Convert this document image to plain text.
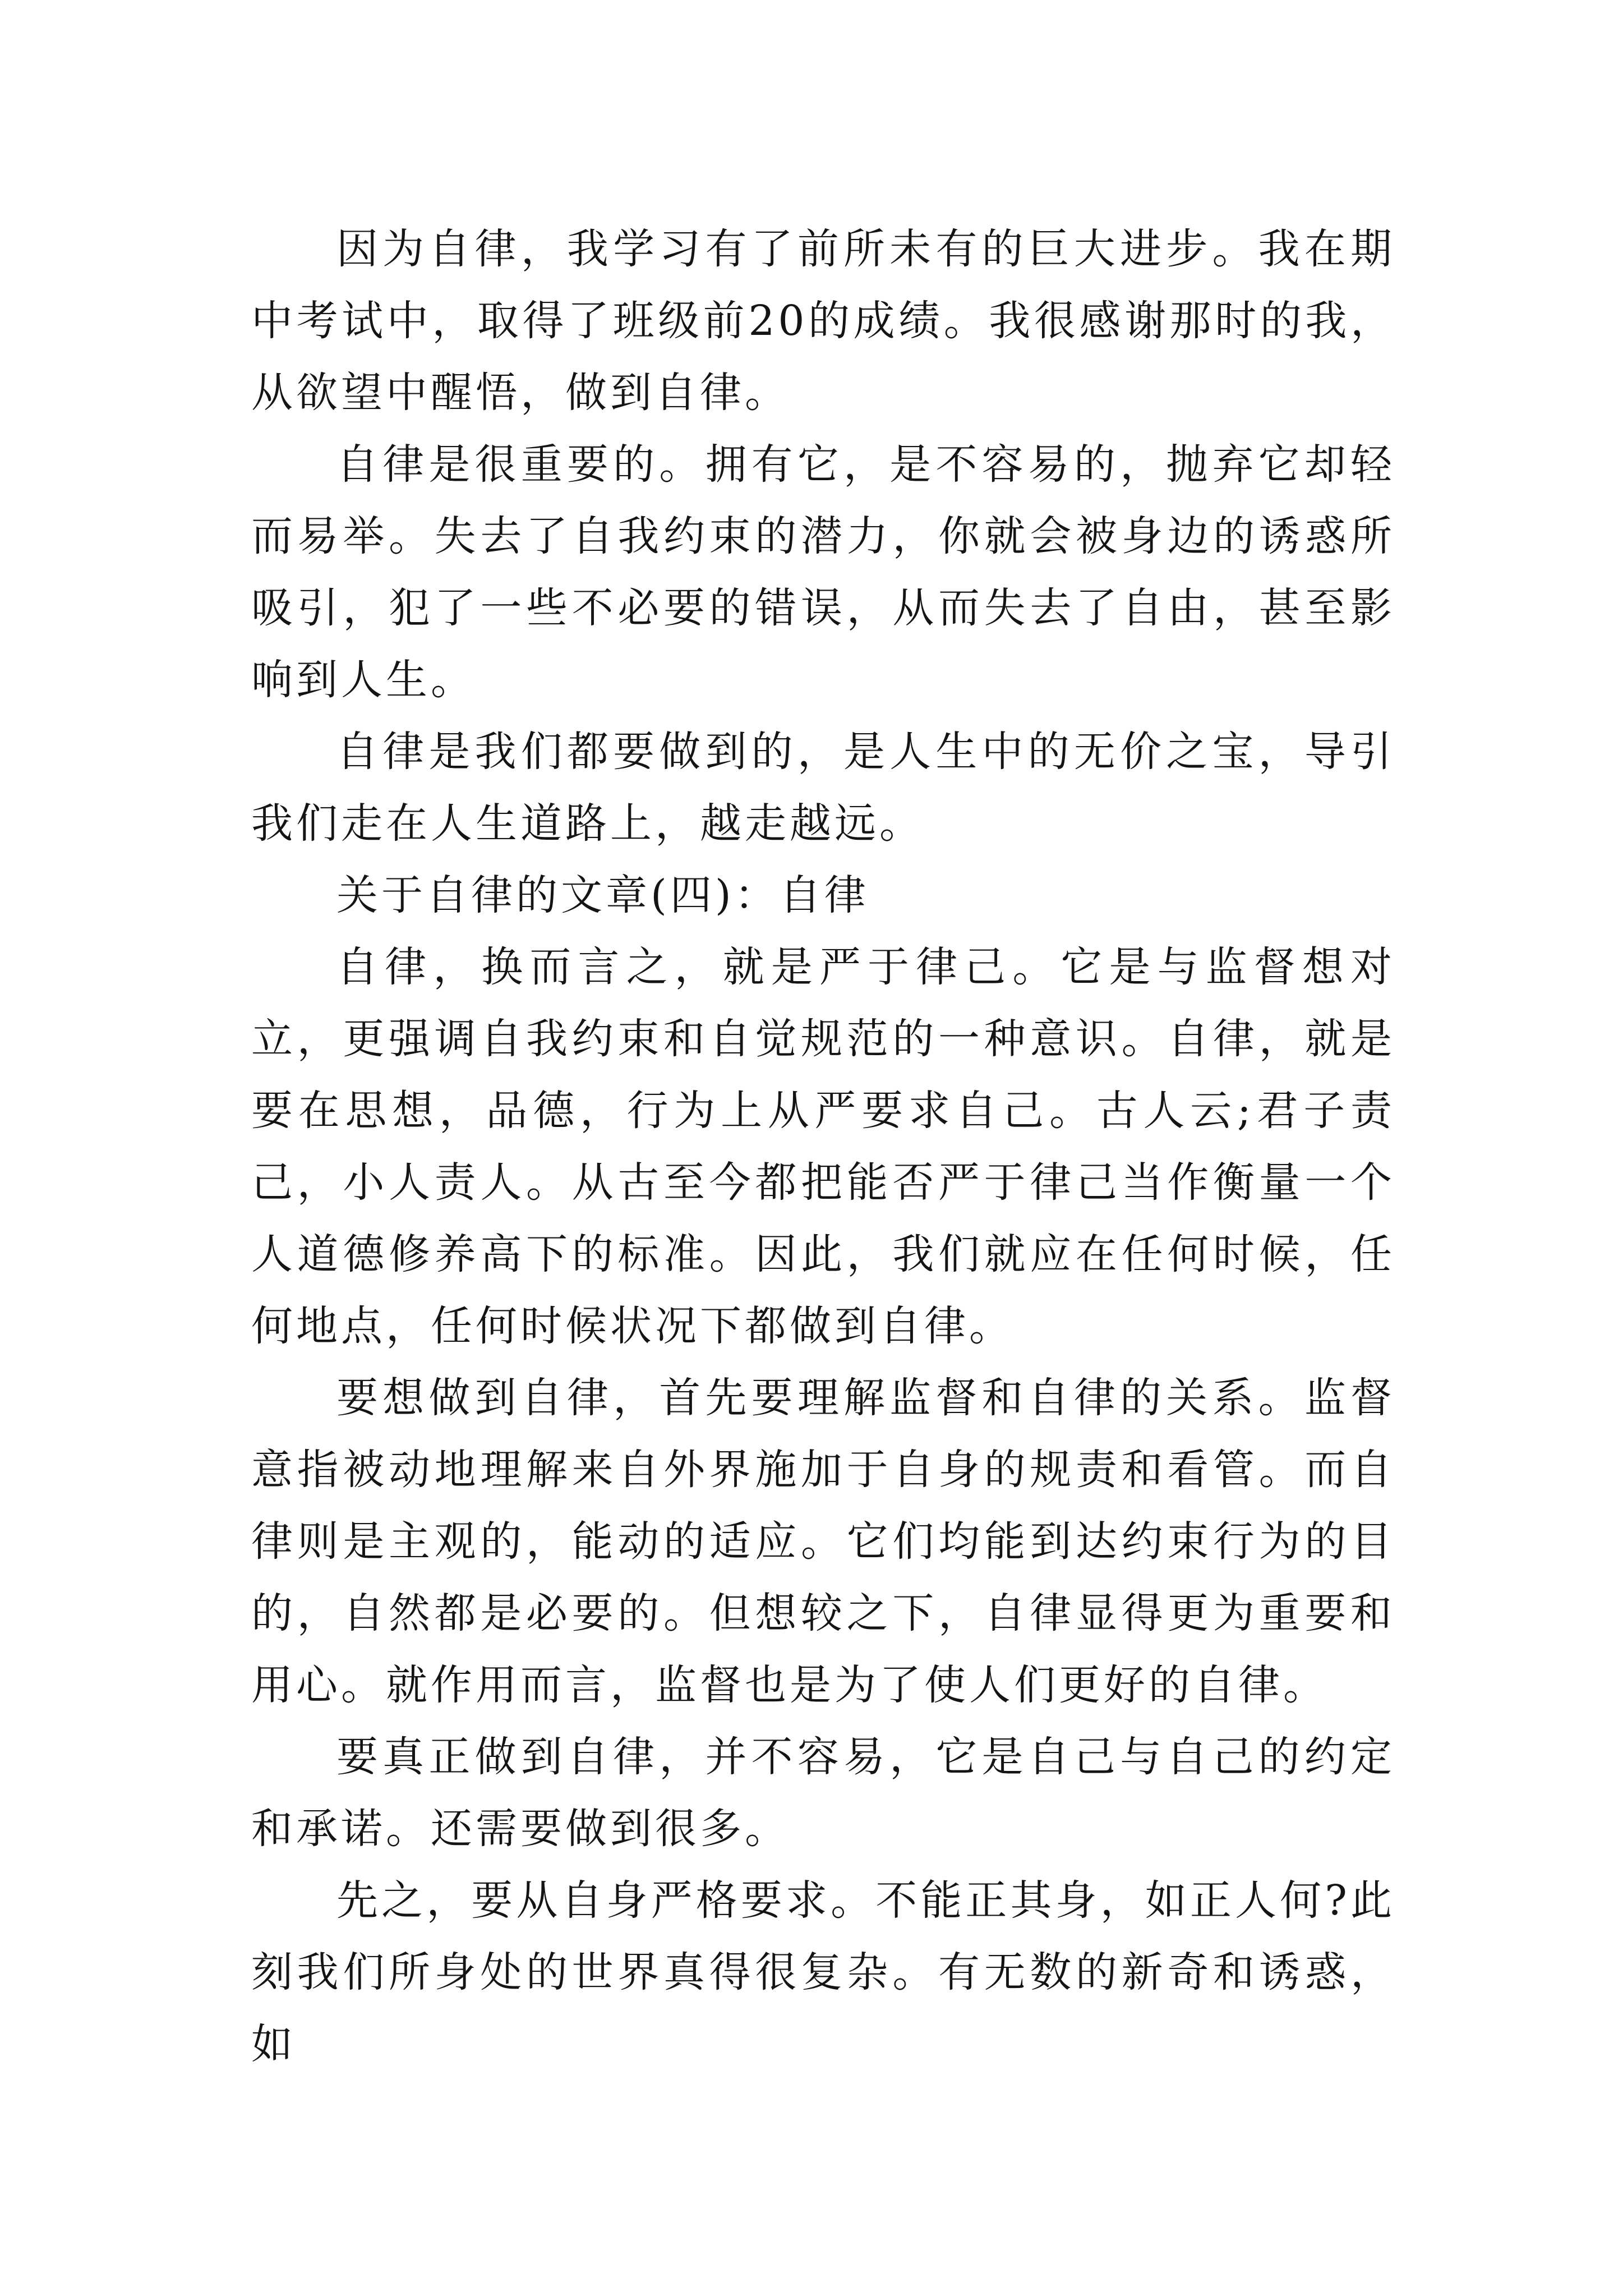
因为自律，我学习有了前所未有的巨大进步。我在期中考试中，取得了班级前20的成绩。我很感谢那时的我，从欲望中醒悟，做到自律。

自律是很重要的。拥有它，是不容易的，抛弃它却轻而易举。失去了自我约束的潜力，你就会被身边的诱惑所吸引，犯了一些不必要的错误，从而失去了自由，甚至影响到人生。

自律是我们都要做到的，是人生中的无价之宝，导引我们走在人生道路上，越走越远。

关于自律的文章(四)：自律

自律，换而言之，就是严于律己。它是与监督想对立，更强调自我约束和自觉规范的一种意识。自律，就是要在思想，品德，行为上从严要求自己。古人云;君子责己，小人责人。从古至今都把能否严于律己当作衡量一个人道德修养高下的标准。因此，我们就应在任何时候，任何地点，任何时候状况下都做到自律。

要想做到自律，首先要理解监督和自律的关系。监督意指被动地理解来自外界施加于自身的规责和看管。而自律则是主观的，能动的适应。它们均能到达约束行为的目的，自然都是必要的。但想较之下，自律显得更为重要和用心。就作用而言，监督也是为了使人们更好的自律。

要真正做到自律，并不容易，它是自己与自己的约定和承诺。还需要做到很多。

先之，要从自身严格要求。不能正其身，如正人何?此刻我们所身处的世界真得很复杂。有无数的新奇和诱惑，如
